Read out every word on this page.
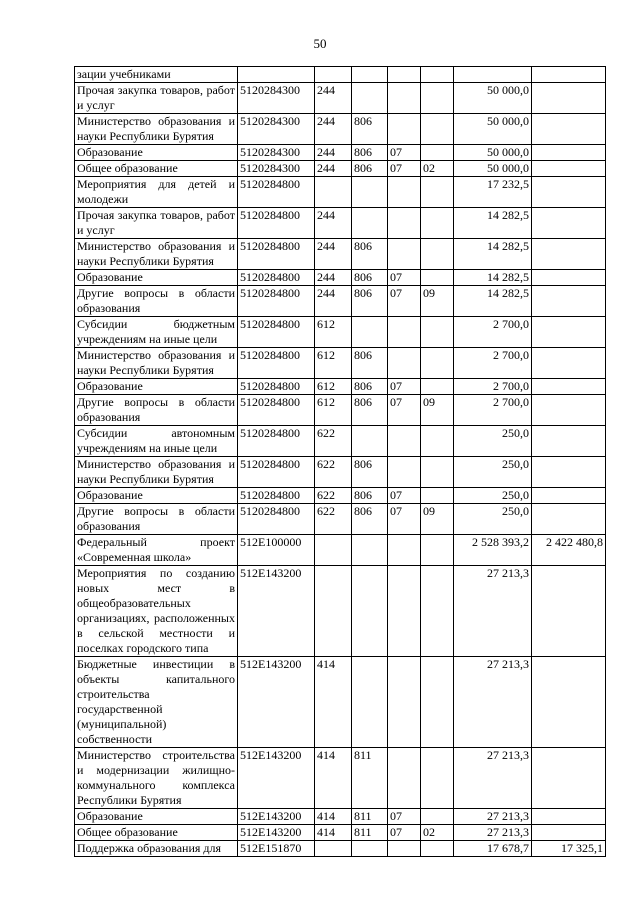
50
зации учебниками							
Прочая закупка товаров, работ и услуг	5120284300	244				50 000,0	
Министерство образования и науки Республики Бурятия	5120284300	244	806			50 000,0	
Образование	5120284300	244	806	07		50 000,0	
Общее образование	5120284300	244	806	07	02	50 000,0	
Мероприятия для детей и молодежи	5120284800					17 232,5	
Прочая закупка товаров, работ и услуг	5120284800	244				14 282,5	
Министерство образования и науки Республики Бурятия	5120284800	244	806			14 282,5	
Образование	5120284800	244	806	07		14 282,5	
Другие вопросы в области образования	5120284800	244	806	07	09	14 282,5	
Субсидии бюджетным учреждениям на иные цели	5120284800	612				2 700,0	
Министерство образования и науки Республики Бурятия	5120284800	612	806			2 700,0	
Образование	5120284800	612	806	07		2 700,0	
Другие вопросы в области образования	5120284800	612	806	07	09	2 700,0	
Субсидии автономным учреждениям на иные цели	5120284800	622				250,0	
Министерство образования и науки Республики Бурятия	5120284800	622	806			250,0	
Образование	5120284800	622	806	07		250,0	
Другие вопросы в области образования	5120284800	622	806	07	09	250,0	
Федеральный проект «Современная школа»	512E100000					2 528 393,2	2 422 480,8
Мероприятия по созданию новых мест в общеобразовательных организациях, расположенных в сельской местности и поселках городского типа	512E143200					27 213,3	
Бюджетные инвестиции в объекты капитального строительства государственной (муниципальной) собственности	512E143200	414				27 213,3	
Министерство строительства и модернизации жилищно-коммунального комплекса Республики Бурятия	512E143200	414	811			27 213,3	
Образование	512E143200	414	811	07		27 213,3	
Общее образование	512E143200	414	811	07	02	27 213,3	
Поддержка образования для	512E151870					17 678,7	17 325,1
